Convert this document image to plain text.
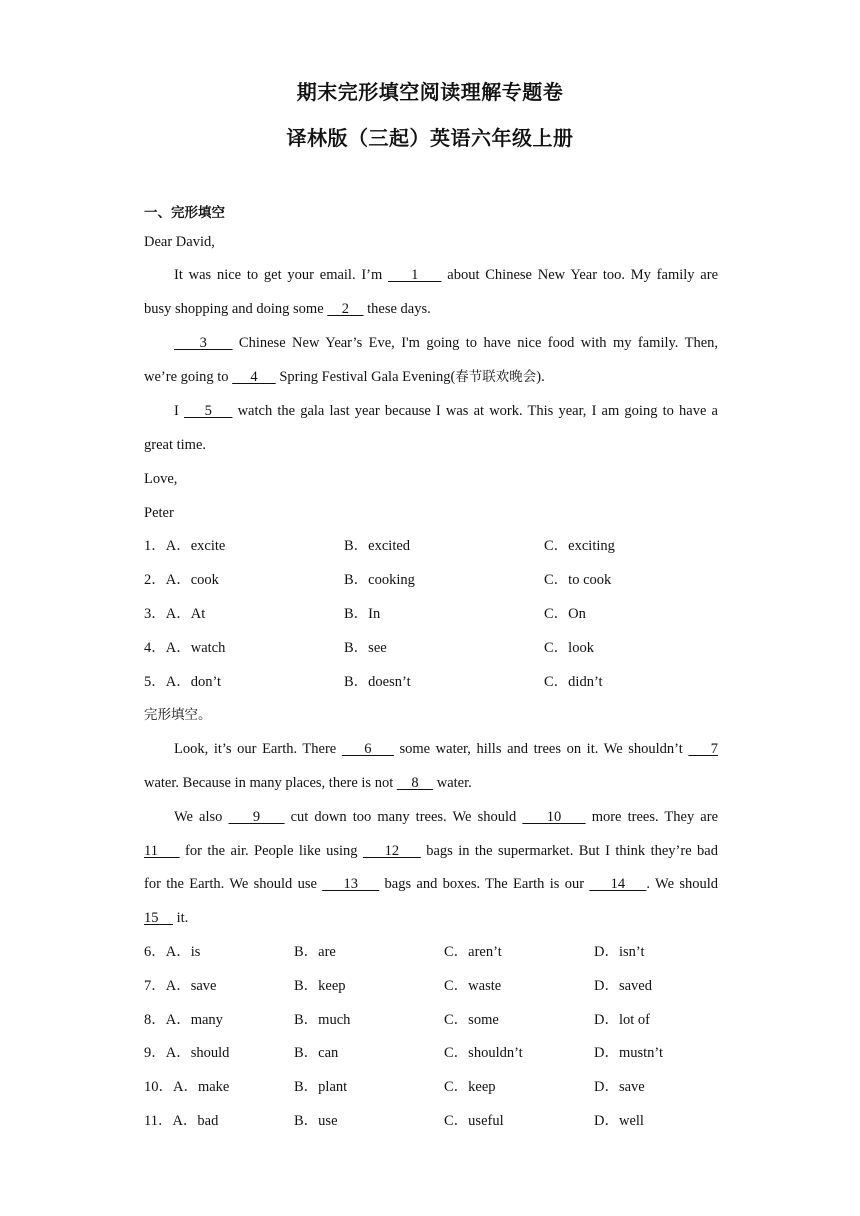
期末完形填空阅读理解专题卷
译林版（三起）英语六年级上册
一、完形填空
Dear David,
It was nice to get your email. I’m     1     about Chinese New Year too. My family are
busy shopping and doing some     2     these days.
3     Chinese New Year’s Eve, I'm going to have nice food with my family. Then,
we’re going to      4      Spring Festival Gala Evening(春节联欢晚会).
I     5     watch the gala last year because I was at work. This year, I am going to have a
great time.
Love,
Peter
1．A．excite	B．excited	C．exciting
2．A．cook	B．cooking	C．to cook
3．A．At	B．In	C．On
4．A．watch	B．see	C．look
5．A．don’t	B．doesn’t	C．didn’t
完形填空。
Look, it’s our Earth. There     6     some water, hills and trees on it. We shouldn’t     7
water. Because in many places, there is not     8     water.
We also     9     cut down too many trees. We should     10     more trees. They are
11     for the air. People like using     12     bags in the supermarket. But I think they’re bad
for the Earth. We should use     13     bags and boxes. The Earth is our     14    . We should
15     it.
6．A．is	B．are	C．aren’t	D．isn’t
7．A．save	B．keep	C．waste	D．saved
8．A．many	B．much	C．some	D．lot of
9．A．should	B．can	C．shouldn’t	D．mustn’t
10．A．make	B．plant	C．keep	D．save
11．A．bad	B．use	C．useful	D．well
